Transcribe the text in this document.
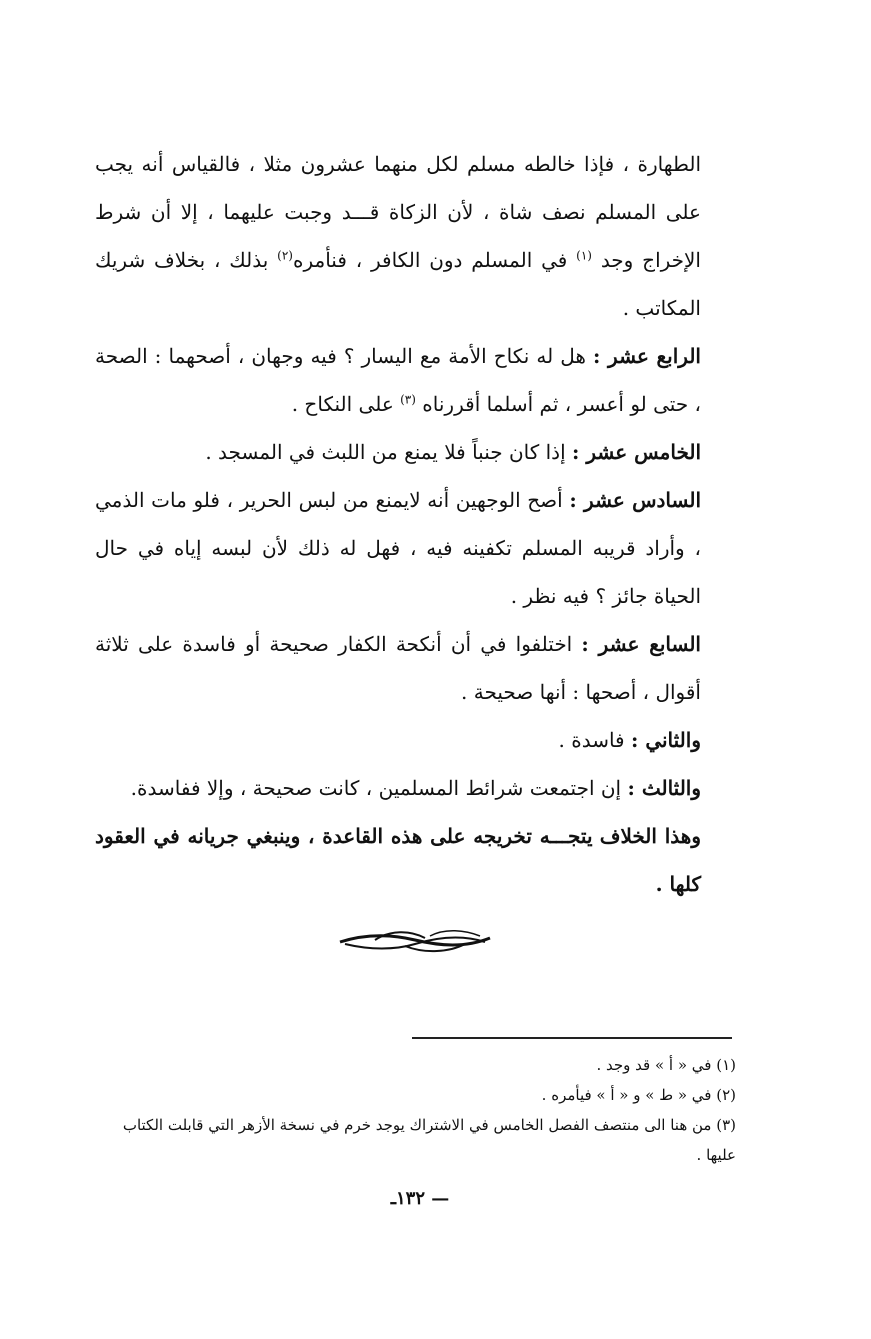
الطهارة ، فإذا خالطه مسلم لكل منهما عشرون مثلا ، فالقياس أنه يجب على المسلم نصف شاة ، لأن الزكاة قـــد وجبت عليهما ، إلا أن شرط الإخراج وجد $^{(١)}$ في المسلم دون الكافر ، فنأمره$^{(٢)}$ بذلك ، بخلاف شريك المكاتب .

الرابع عشر : هل له نكاح الأمة مع اليسار ؟ فيه وجهان ، أصحهما : الصحة ، حتى لو أعسر ، ثم أسلما أقررناه $^{(٣)}$ على النكاح .

الخامس عشر : إذا كان جنباً فلا يمنع من اللبث في المسجد .

السادس عشر : أصح الوجهين أنه لايمنع من لبس الحرير ، فلو مات الذمي ، وأراد قريبه المسلم تكفينه فيه ، فهل له ذلك لأن لبسه إياه في حال الحياة جائز ؟ فيه نظر .

السابع عشر : اختلفوا في أن أنكحة الكفار صحيحة أو فاسدة على ثلاثة أقوال ، أصحها : أنها صحيحة .

والثاني : فاسدة .

والثالث : إن اجتمعت شرائط المسلمين ، كانت صحيحة ، وإلا ففاسدة.

وهذا الخلاف يتجـــه تخريجه على هذه القاعدة ، وينبغي جريانه في العقود كلها .

(١) في « أ » قد وجد .

(٢) في « ط » و « أ » فيأمره .

(٣) من هنا الى منتصف الفصل الخامس في الاشتراك يوجد خرم في نسخة الأزهر التي قابلت الكتاب عليها .

— ١٣٢ـ
